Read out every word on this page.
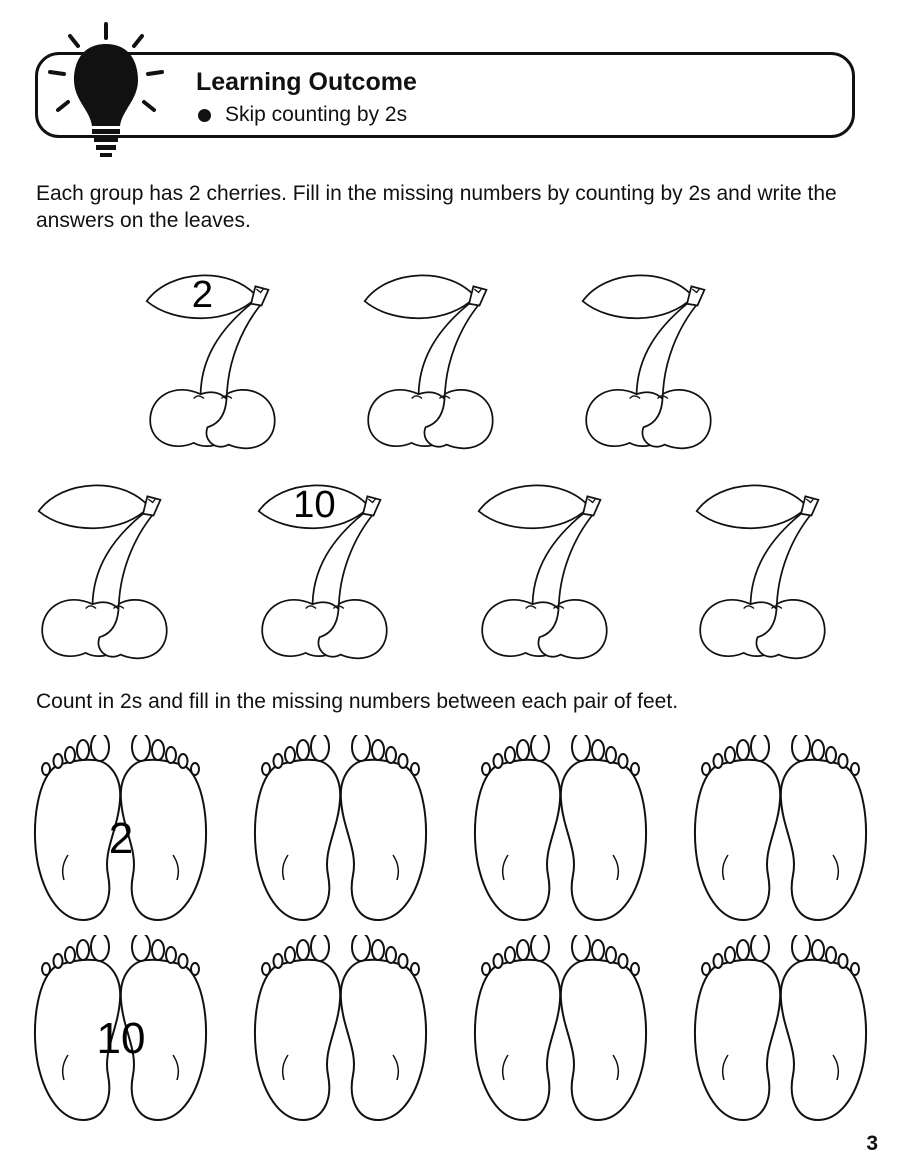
Learning Outcome
Skip counting by 2s
Each group has 2 cherries. Fill in the missing numbers by counting by 2s and write the answers on the leaves.
2
10
Count in 2s and fill in the missing numbers between each pair of feet.
2
10
3
